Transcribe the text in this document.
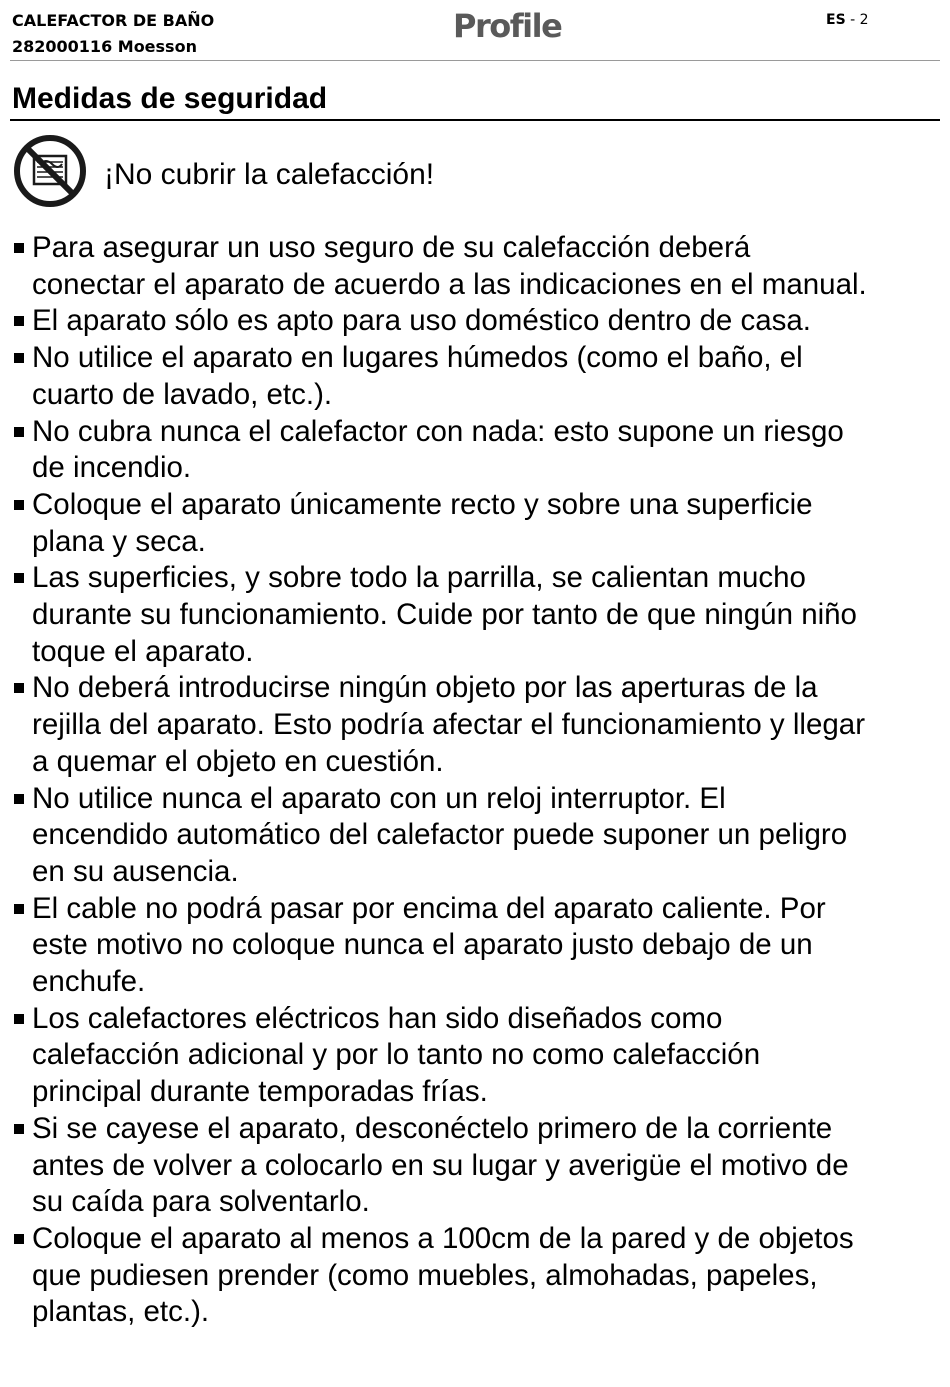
CALEFACTOR DE BAÑO
282000116 Moesson
Profile	ES - 2
Medidas de seguridad
¡No cubrir la calefacción!
Para asegurar un uso seguro de su calefacción deberá
conectar el aparato de acuerdo a las indicaciones en el manual.
El aparato sólo es apto para uso doméstico dentro de casa.
No utilice el aparato en lugares húmedos (como el baño, el
cuarto de lavado, etc.).
No cubra nunca el calefactor con nada: esto supone un riesgo
de incendio.
Coloque el aparato únicamente recto y sobre una superficie
plana y seca.
Las superficies, y sobre todo la parrilla, se calientan mucho
durante su funcionamiento. Cuide por tanto de que ningún niño
toque el aparato.
No deberá introducirse ningún objeto por las aperturas de la
rejilla del aparato. Esto podría afectar el funcionamiento y llegar
a quemar el objeto en cuestión.
No utilice nunca el aparato con un reloj interruptor. El
encendido automático del calefactor puede suponer un peligro
en su ausencia.
El cable no podrá pasar por encima del aparato caliente. Por
este motivo no coloque nunca el aparato justo debajo de un
enchufe.
Los calefactores eléctricos han sido diseñados como
calefacción adicional y por lo tanto no como calefacción
principal durante temporadas frías.
Si se cayese el aparato, desconéctelo primero de la corriente
antes de volver a colocarlo en su lugar y averigüe el motivo de
su caída para solventarlo.
Coloque el aparato al menos a 100cm de la pared y de objetos
que pudiesen prender (como muebles, almohadas, papeles,
plantas, etc.).
